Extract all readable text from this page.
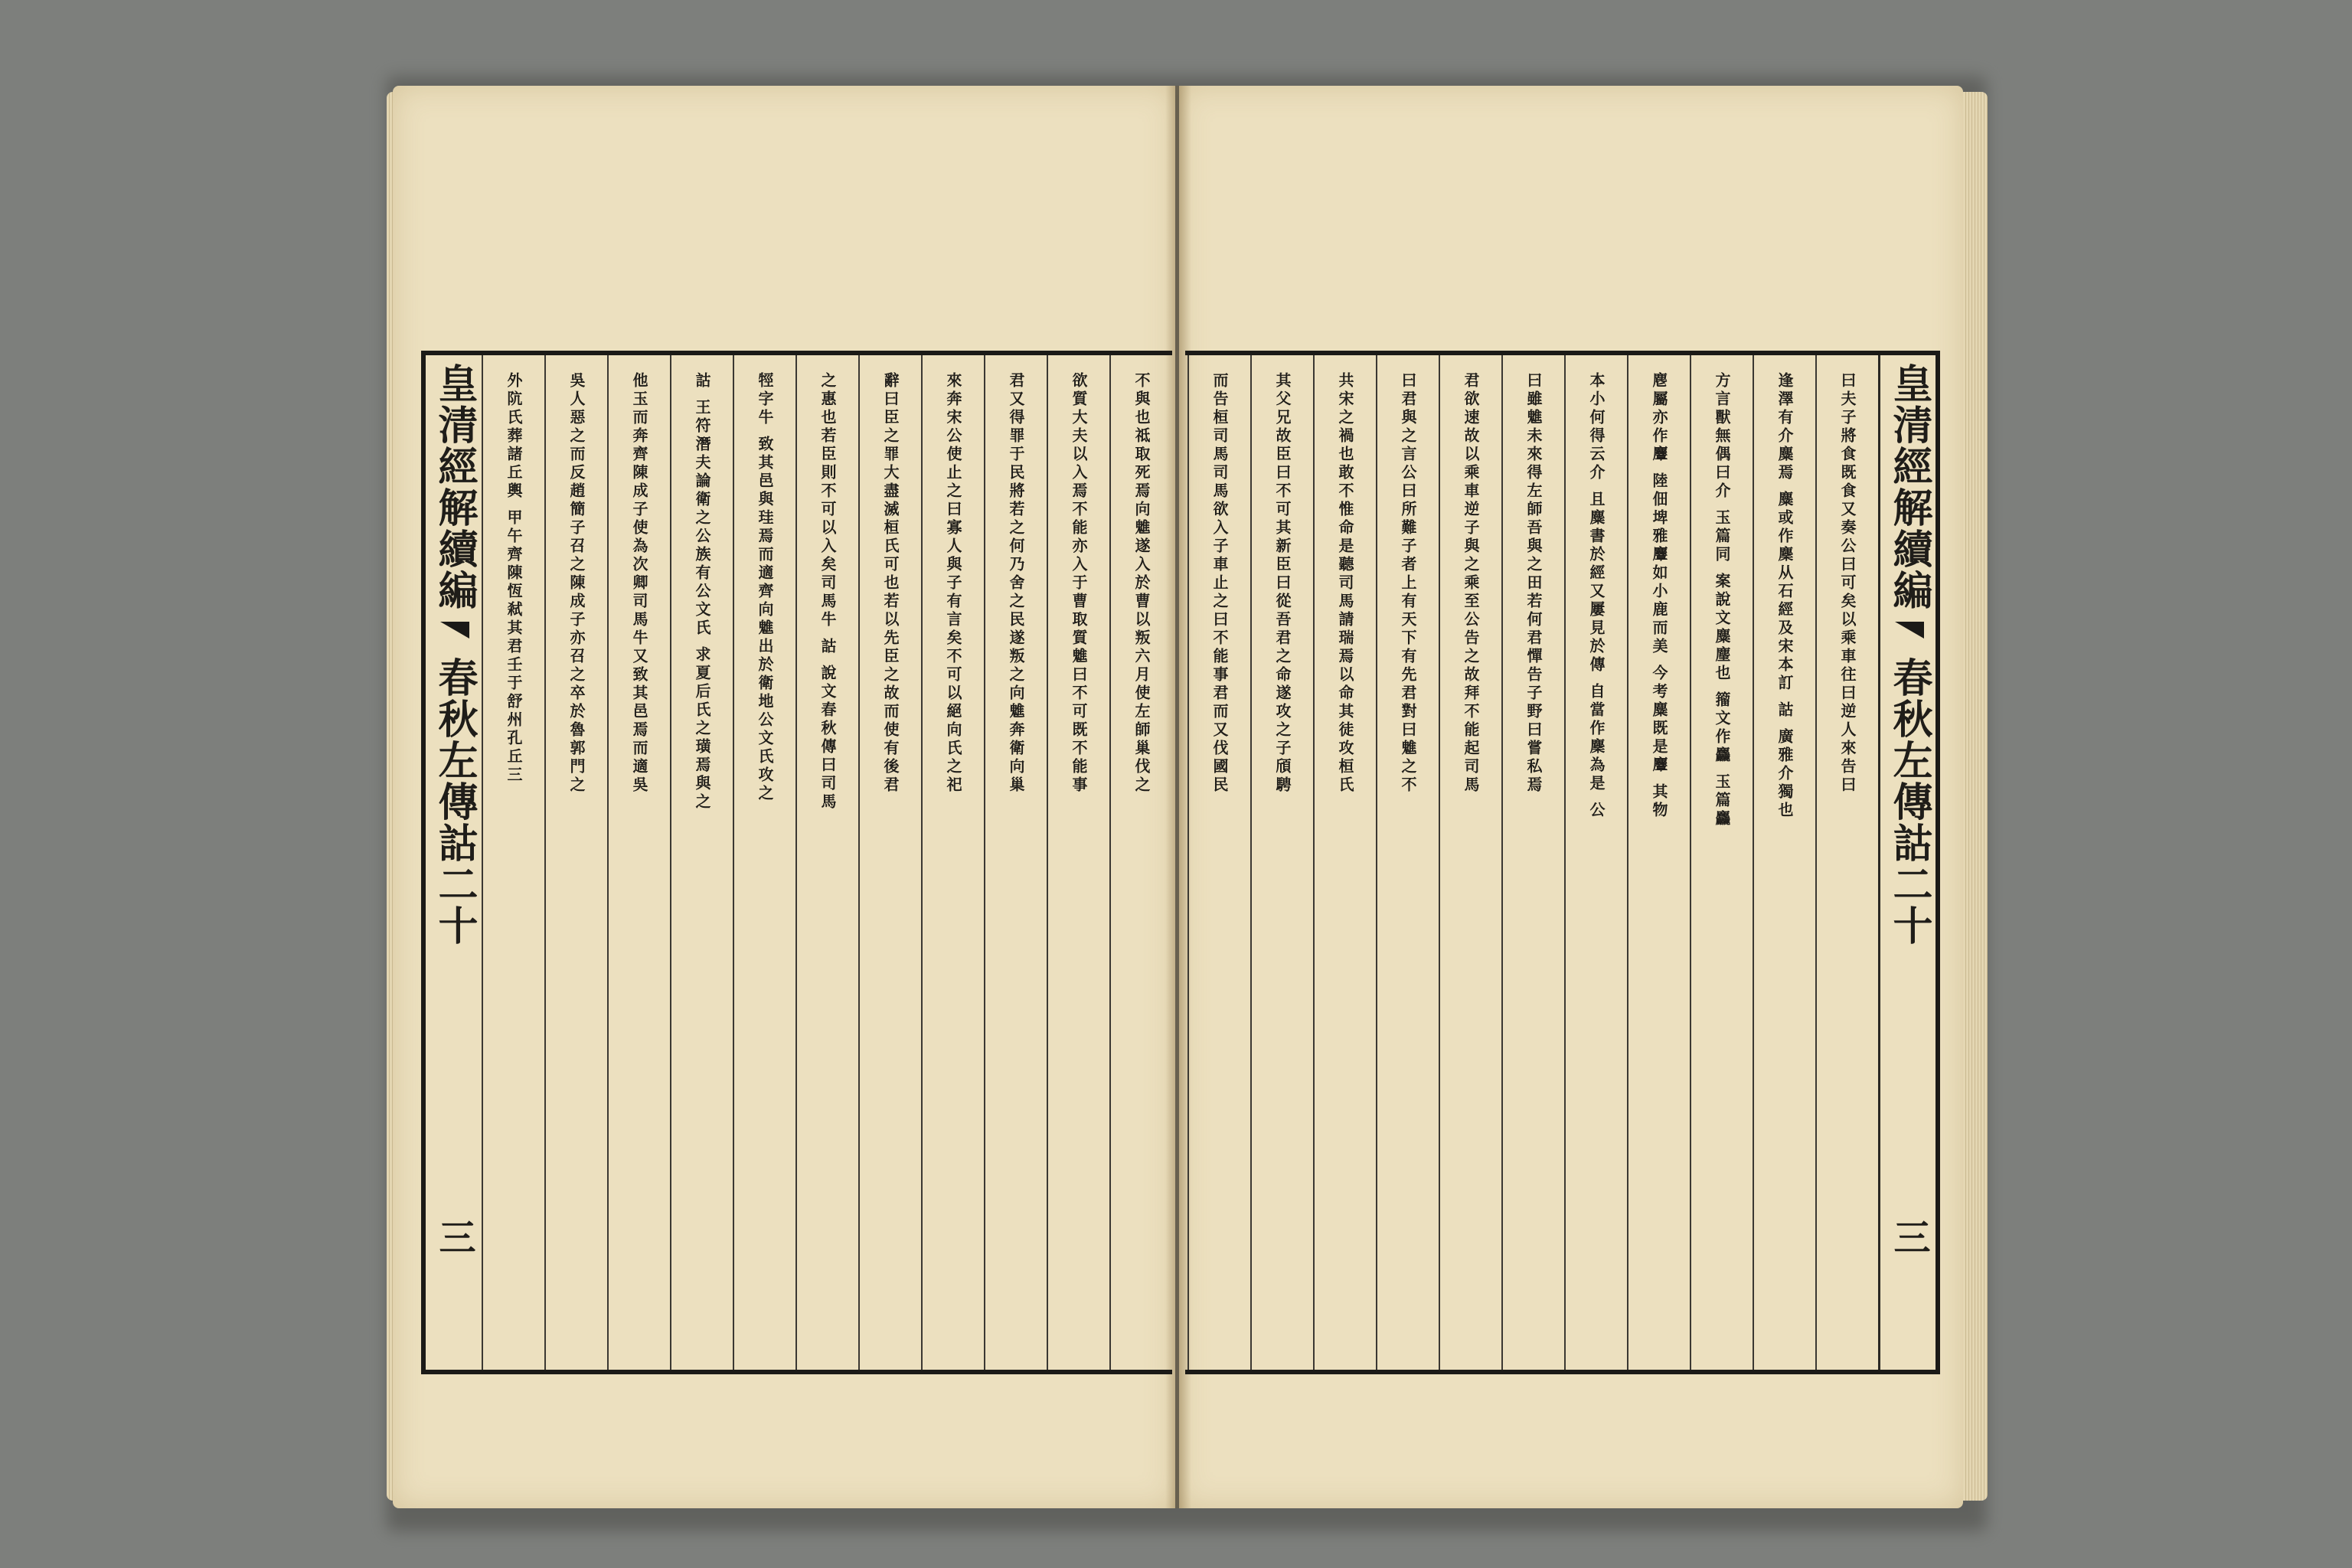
皇清經解續編
春秋左傳詁二十
三
不與也祗取死焉向魋遂入於曹以叛六月使左師巢伐之
欲質大夫以入焉不能亦入于曹取質魋曰不可既不能事
君又得罪于民將若之何乃舍之民遂叛之向魋奔衛向巢
來奔宋公使止之曰寡人與子有言矣不可以絕向氏之祀
辭曰臣之罪大盡滅桓氏可也若以先臣之故而使有後君
之惠也若臣則不可以入矣司馬牛 詁 說文春秋傳曰司馬
牼字牛 致其邑與珪焉而適齊向魋出於衛地公文氏攻之
詁 王符潛夫論衛之公族有公文氏 求夏后氏之璜焉與之
他玉而奔齊陳成子使為次卿司馬牛又致其邑焉而適吳
吳人惡之而反趙簡子召之陳成子亦召之卒於魯郭門之
外阬氏葬諸丘輿 甲午齊陳恆弒其君壬于舒州孔丘三	皇清經解續編
春秋左傳詁二十
三
曰夫子將食既食又奏公曰可矣以乘車往曰逆人來告曰
逢澤有介麋焉 麋或作麇从石經及宋本訂 詁 廣雅介獨也
方言獸無偶曰介 玉篇同 案說文麋麈也 籀文作麤 玉篇麤
麀屬亦作麞 陸佃埤雅麞如小鹿而美 今考麋既是麞 其物
本小何得云介 且麋書於經又屢見於傳 自當作麇為是 公
曰雖魋未來得左師吾與之田若何君憚告子野曰嘗私焉
君欲速故以乘車逆子與之乘至公告之故拜不能起司馬
曰君與之言公曰所難子者上有天下有先君對曰魋之不
共宋之禍也敢不惟命是聽司馬請瑞焉以命其徒攻桓氏
其父兄故臣曰不可其新臣曰從吾君之命遂攻之子頎騁
而告桓司馬司馬欲入子車止之曰不能事君而又伐國民
